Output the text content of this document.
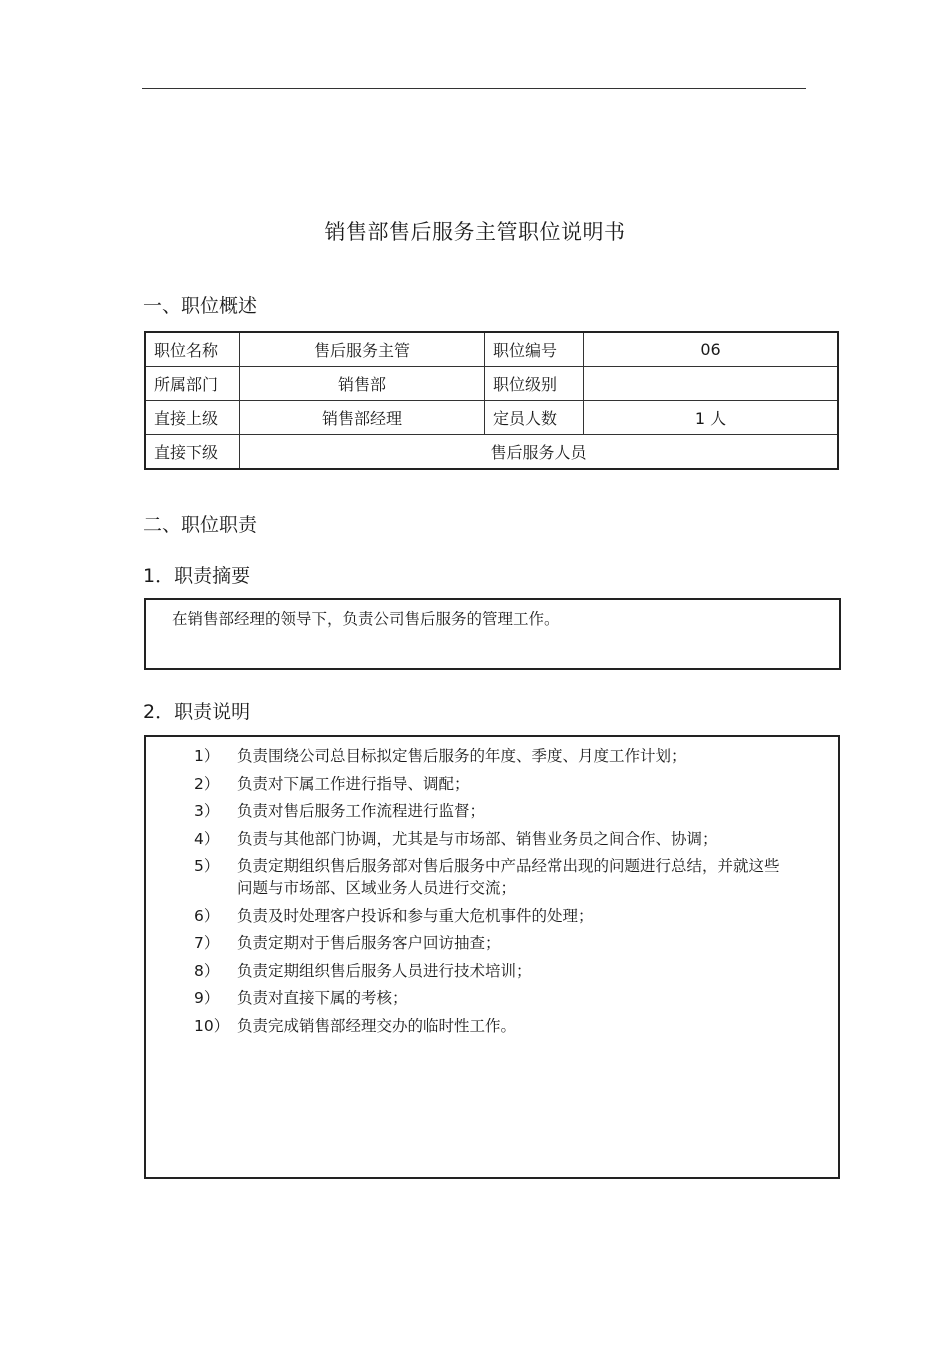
销售部售后服务主管职位说明书
一、职位概述
职位名称	售后服务主管	职位编号	06
所属部门	销售部	职位级别	
直接上级	销售部经理	定员人数	1 人
直接下级	售后服务人员		
二、职位职责
1．职责摘要
在销售部经理的领导下，负责公司售后服务的管理工作。
2．职责说明
1）	负责围绕公司总目标拟定售后服务的年度、季度、月度工作计划；
2）	负责对下属工作进行指导、调配；
3）	负责对售后服务工作流程进行监督；
4）	负责与其他部门协调，尤其是与市场部、销售业务员之间合作、协调；
5）	负责定期组织售后服务部对售后服务中产品经常出现的问题进行总结，并就这些问题与市场部、区域业务人员进行交流；
6）	负责及时处理客户投诉和参与重大危机事件的处理；
7）	负责定期对于售后服务客户回访抽查；
8）	负责定期组织售后服务人员进行技术培训；
9）	负责对直接下属的考核；
10） 负责完成销售部经理交办的临时性工作。
